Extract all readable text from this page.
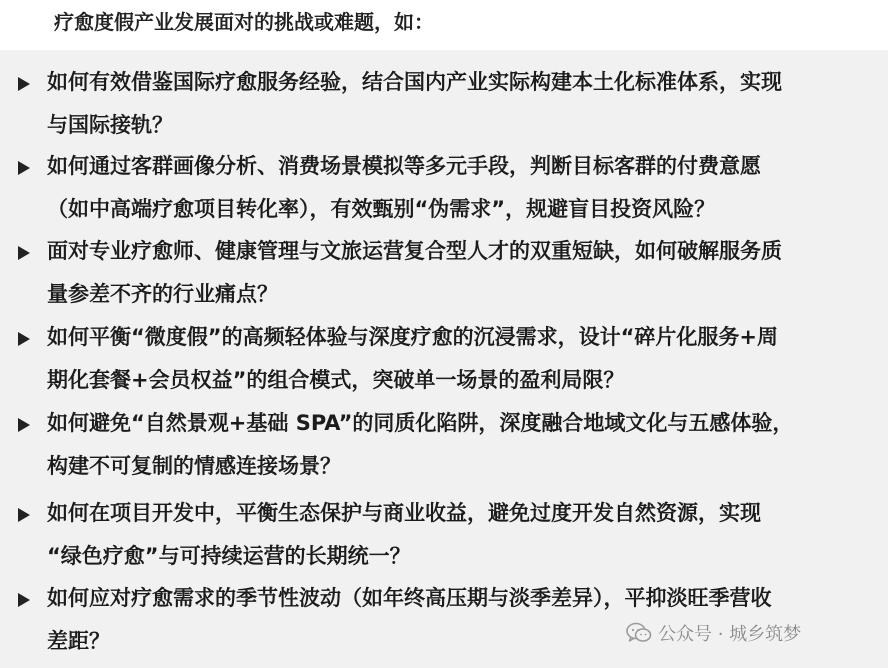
疗愈度假产业发展面对的挑战或难题，如：
如何有效借鉴国际疗愈服务经验，结合国内产业实际构建本土化标准体系，实现
与国际接轨？
如何通过客群画像分析、消费场景模拟等多元手段，判断目标客群的付费意愿
（如中高端疗愈项目转化率），有效甄别“伪需求”，规避盲目投资风险？
面对专业疗愈师、健康管理与文旅运营复合型人才的双重短缺，如何破解服务质
量参差不齐的行业痛点？
如何平衡“微度假”的高频轻体验与深度疗愈的沉浸需求，设计“碎片化服务+周
期化套餐+会员权益”的组合模式，突破单一场景的盈利局限？
如何避免“自然景观+基础 SPA”的同质化陷阱，深度融合地域文化与五感体验，
构建不可复制的情感连接场景？
如何在项目开发中，平衡生态保护与商业收益，避免过度开发自然资源，实现
“绿色疗愈”与可持续运营的长期统一？
如何应对疗愈需求的季节性波动（如年终高压期与淡季差异），平抑淡旺季营收
差距？	公众号 · 城乡筑梦
